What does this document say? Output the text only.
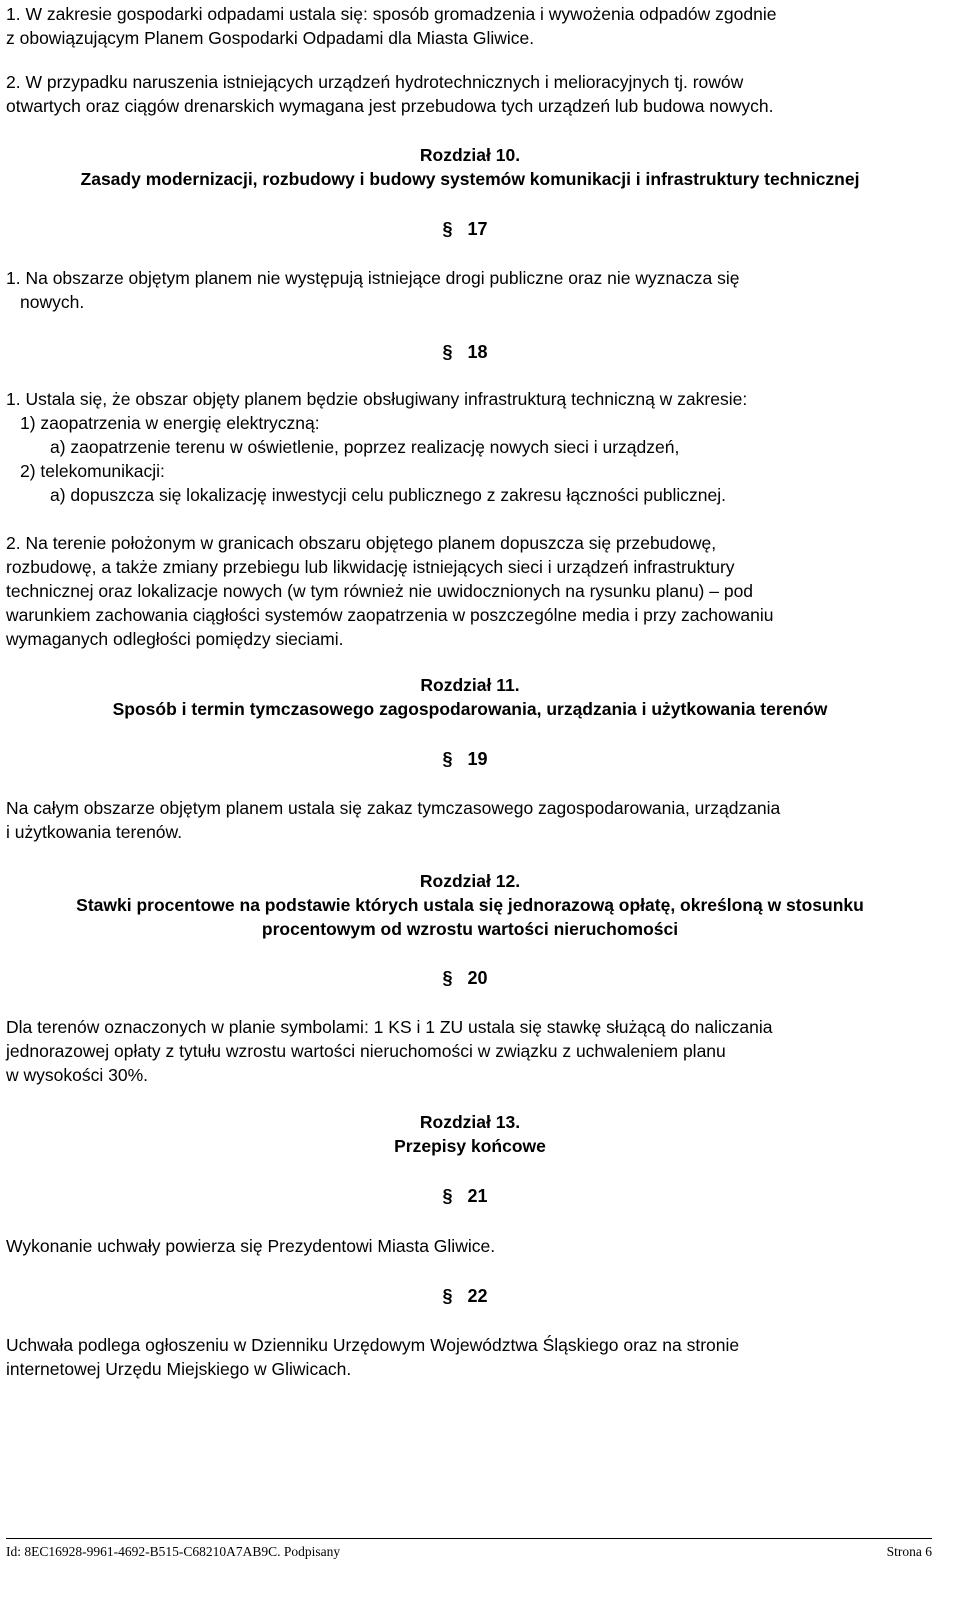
1. W zakresie gospodarki odpadami ustala się: sposób gromadzenia i wywożenia odpadów zgodnie
z obowiązującym Planem Gospodarki Odpadami dla Miasta Gliwice.

2. W przypadku naruszenia istniejących urządzeń hydrotechnicznych i melioracyjnych tj. rowów
otwartych oraz ciągów drenarskich wymagana jest przebudowa tych urządzeń lub budowa nowych.

Rozdział 10.
Zasady modernizacji, rozbudowy i budowy systemów komunikacji i infrastruktury technicznej
§ 17

1. Na obszarze objętym planem nie występują istniejące drogi publiczne oraz nie wyznacza się
nowych.

§ 18

1. Ustala się, że obszar objęty planem będzie obsługiwany infrastrukturą techniczną w zakresie:
1) zaopatrzenia w energię elektryczną:
a) zaopatrzenie terenu w oświetlenie, poprzez realizację nowych sieci i urządzeń,
2) telekomunikacji:
a) dopuszcza się lokalizację inwestycji celu publicznego z zakresu łączności publicznej.

2. Na terenie położonym w granicach obszaru objętego planem dopuszcza się przebudowę,
rozbudowę, a także zmiany przebiegu lub likwidację istniejących sieci i urządzeń infrastruktury
technicznej oraz lokalizacje nowych (w tym również nie uwidocznionych na rysunku planu) – pod
warunkiem zachowania ciągłości systemów zaopatrzenia w poszczególne media i przy zachowaniu
wymaganych odległości pomiędzy sieciami.

Rozdział 11.
Sposób i termin tymczasowego zagospodarowania, urządzania i użytkowania terenów
§ 19

Na całym obszarze objętym planem ustala się zakaz tymczasowego zagospodarowania, urządzania
i użytkowania terenów.

Rozdział 12.
Stawki procentowe na podstawie których ustala się jednorazową opłatę, określoną w stosunku
procentowym od wzrostu wartości nieruchomości
§ 20

Dla terenów oznaczonych w planie symbolami: 1 KS i 1 ZU ustala się stawkę służącą do naliczania
jednorazowej opłaty z tytułu wzrostu wartości nieruchomości w związku z uchwaleniem planu
w wysokości 30%.

Rozdział 13.
Przepisy końcowe
§ 21

Wykonanie uchwały powierza się Prezydentowi Miasta Gliwice.

§ 22

Uchwała podlega ogłoszeniu w Dzienniku Urzędowym Województwa Śląskiego oraz na stronie
internetowej Urzędu Miejskiego w Gliwicach.

Id: 8EC16928-9961-4692-B515-C68210A7AB9C. Podpisany	Strona 6
